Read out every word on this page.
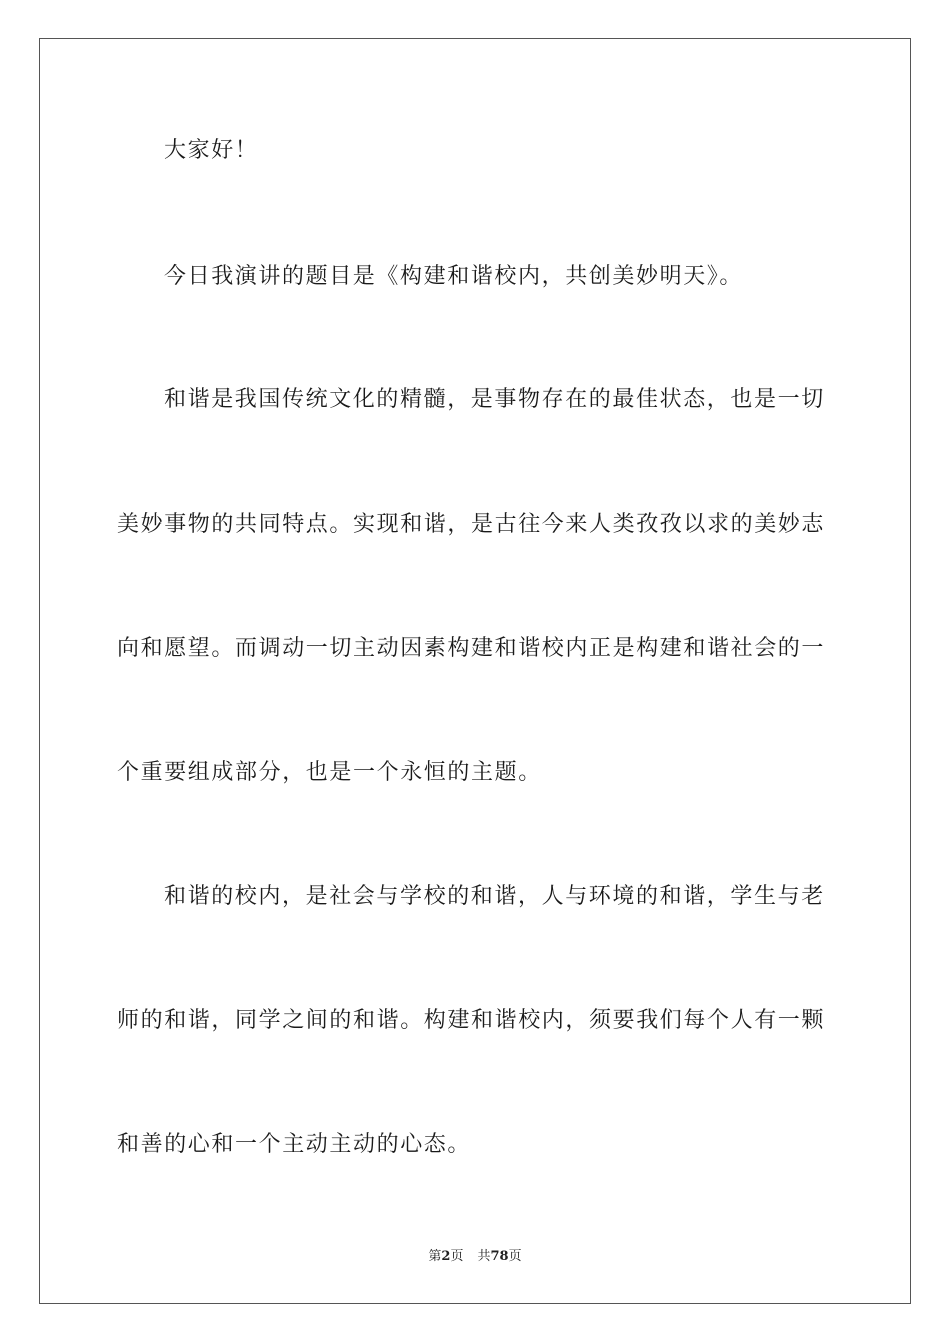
大家好！
今日我演讲的题目是《构建和谐校内，共创美妙明天》。
和谐是我国传统文化的精髓，是事物存在的最佳状态，也是一切
美妙事物的共同特点。实现和谐，是古往今来人类孜孜以求的美妙志
向和愿望。而调动一切主动因素构建和谐校内正是构建和谐社会的一
个重要组成部分，也是一个永恒的主题。
和谐的校内，是社会与学校的和谐，人与环境的和谐，学生与老
师的和谐，同学之间的和谐。构建和谐校内，须要我们每个人有一颗
和善的心和一个主动主动的心态。
第2页 共78页
